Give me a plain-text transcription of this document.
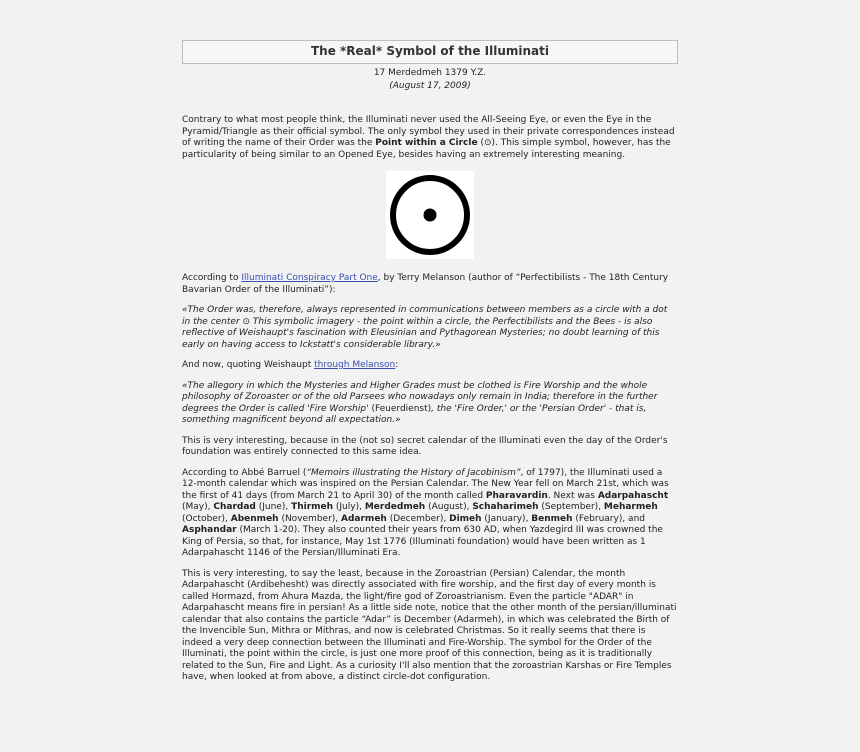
The *Real* Symbol of the Illuminati
17 Merdedmeh 1379 Y.Z.
(August 17, 2009)

Contrary to what most people think, the Illuminati never used the All-Seeing Eye, or even the Eye in the Pyramid/Triangle as their official symbol. The only symbol they used in their private correspondences instead of writing the name of their Order was the Point within a Circle (⊙). This simple symbol, however, has the particularity of being similar to an Opened Eye, besides having an extremely interesting meaning.

According to Illuminati Conspiracy Part One, by Terry Melanson (author of “Perfectibilists - The 18th Century Bavarian Order of the Illuminati”):

«The Order was, therefore, always represented in communications between members as a circle with a dot in the center ⊙ This symbolic imagery - the point within a circle, the Perfectibilists and the Bees - is also reflective of Weishaupt's fascination with Eleusinian and Pythagorean Mysteries; no doubt learning of this early on having access to Ickstatt's considerable library.»

And now, quoting Weishaupt through Melanson:

«The allegory in which the Mysteries and Higher Grades must be clothed is Fire Worship and the whole philosophy of Zoroaster or of the old Parsees who nowadays only remain in India; therefore in the further degrees the Order is called 'Fire Worship' (Feuerdienst), the 'Fire Order,' or the 'Persian Order' - that is, something magnificent beyond all expectation.»

This is very interesting, because in the (not so) secret calendar of the Illuminati even the day of the Order's foundation was entirely connected to this same idea.

According to Abbé Barruel (“Memoirs illustrating the History of Jacobinism”, of 1797), the Illuminati used a 12-month calendar which was inspired on the Persian Calendar. The New Year fell on March 21st, which was the first of 41 days (from March 21 to April 30) of the month called Pharavardin. Next was Adarpahascht (May), Chardad (June), Thirmeh (July), Merdedmeh (August), Schaharimeh (September), Meharmeh (October), Abenmeh (November), Adarmeh (December), Dimeh (January), Benmeh (February), and Asphandar (March 1-20). They also counted their years from 630 AD, when Yazdegird III was crowned the King of Persia, so that, for instance, May 1st 1776 (Illuminati foundation) would have been written as 1 Adarpahascht 1146 of the Persian/Illuminati Era.

This is very interesting, to say the least, because in the Zoroastrian (Persian) Calendar, the month Adarpahascht (Ardibehesht) was directly associated with fire worship, and the first day of every month is called Hormazd, from Ahura Mazda, the light/fire god of Zoroastrianism. Even the particle "ADAR" in Adarpahascht means fire in persian! As a little side note, notice that the other month of the persian/illuminati calendar that also contains the particle “Adar” is December (Adarmeh), in which was celebrated the Birth of the Invencible Sun, Mithra or Mithras, and now is celebrated Christmas. So it really seems that there is indeed a very deep connection between the Illuminati and Fire-Worship. The symbol for the Order of the Illuminati, the point within the circle, is just one more proof of this connection, being as it is traditionally related to the Sun, Fire and Light. As a curiosity I'll also mention that the zoroastrian Karshas or Fire Temples have, when looked at from above, a distinct circle-dot configuration.
